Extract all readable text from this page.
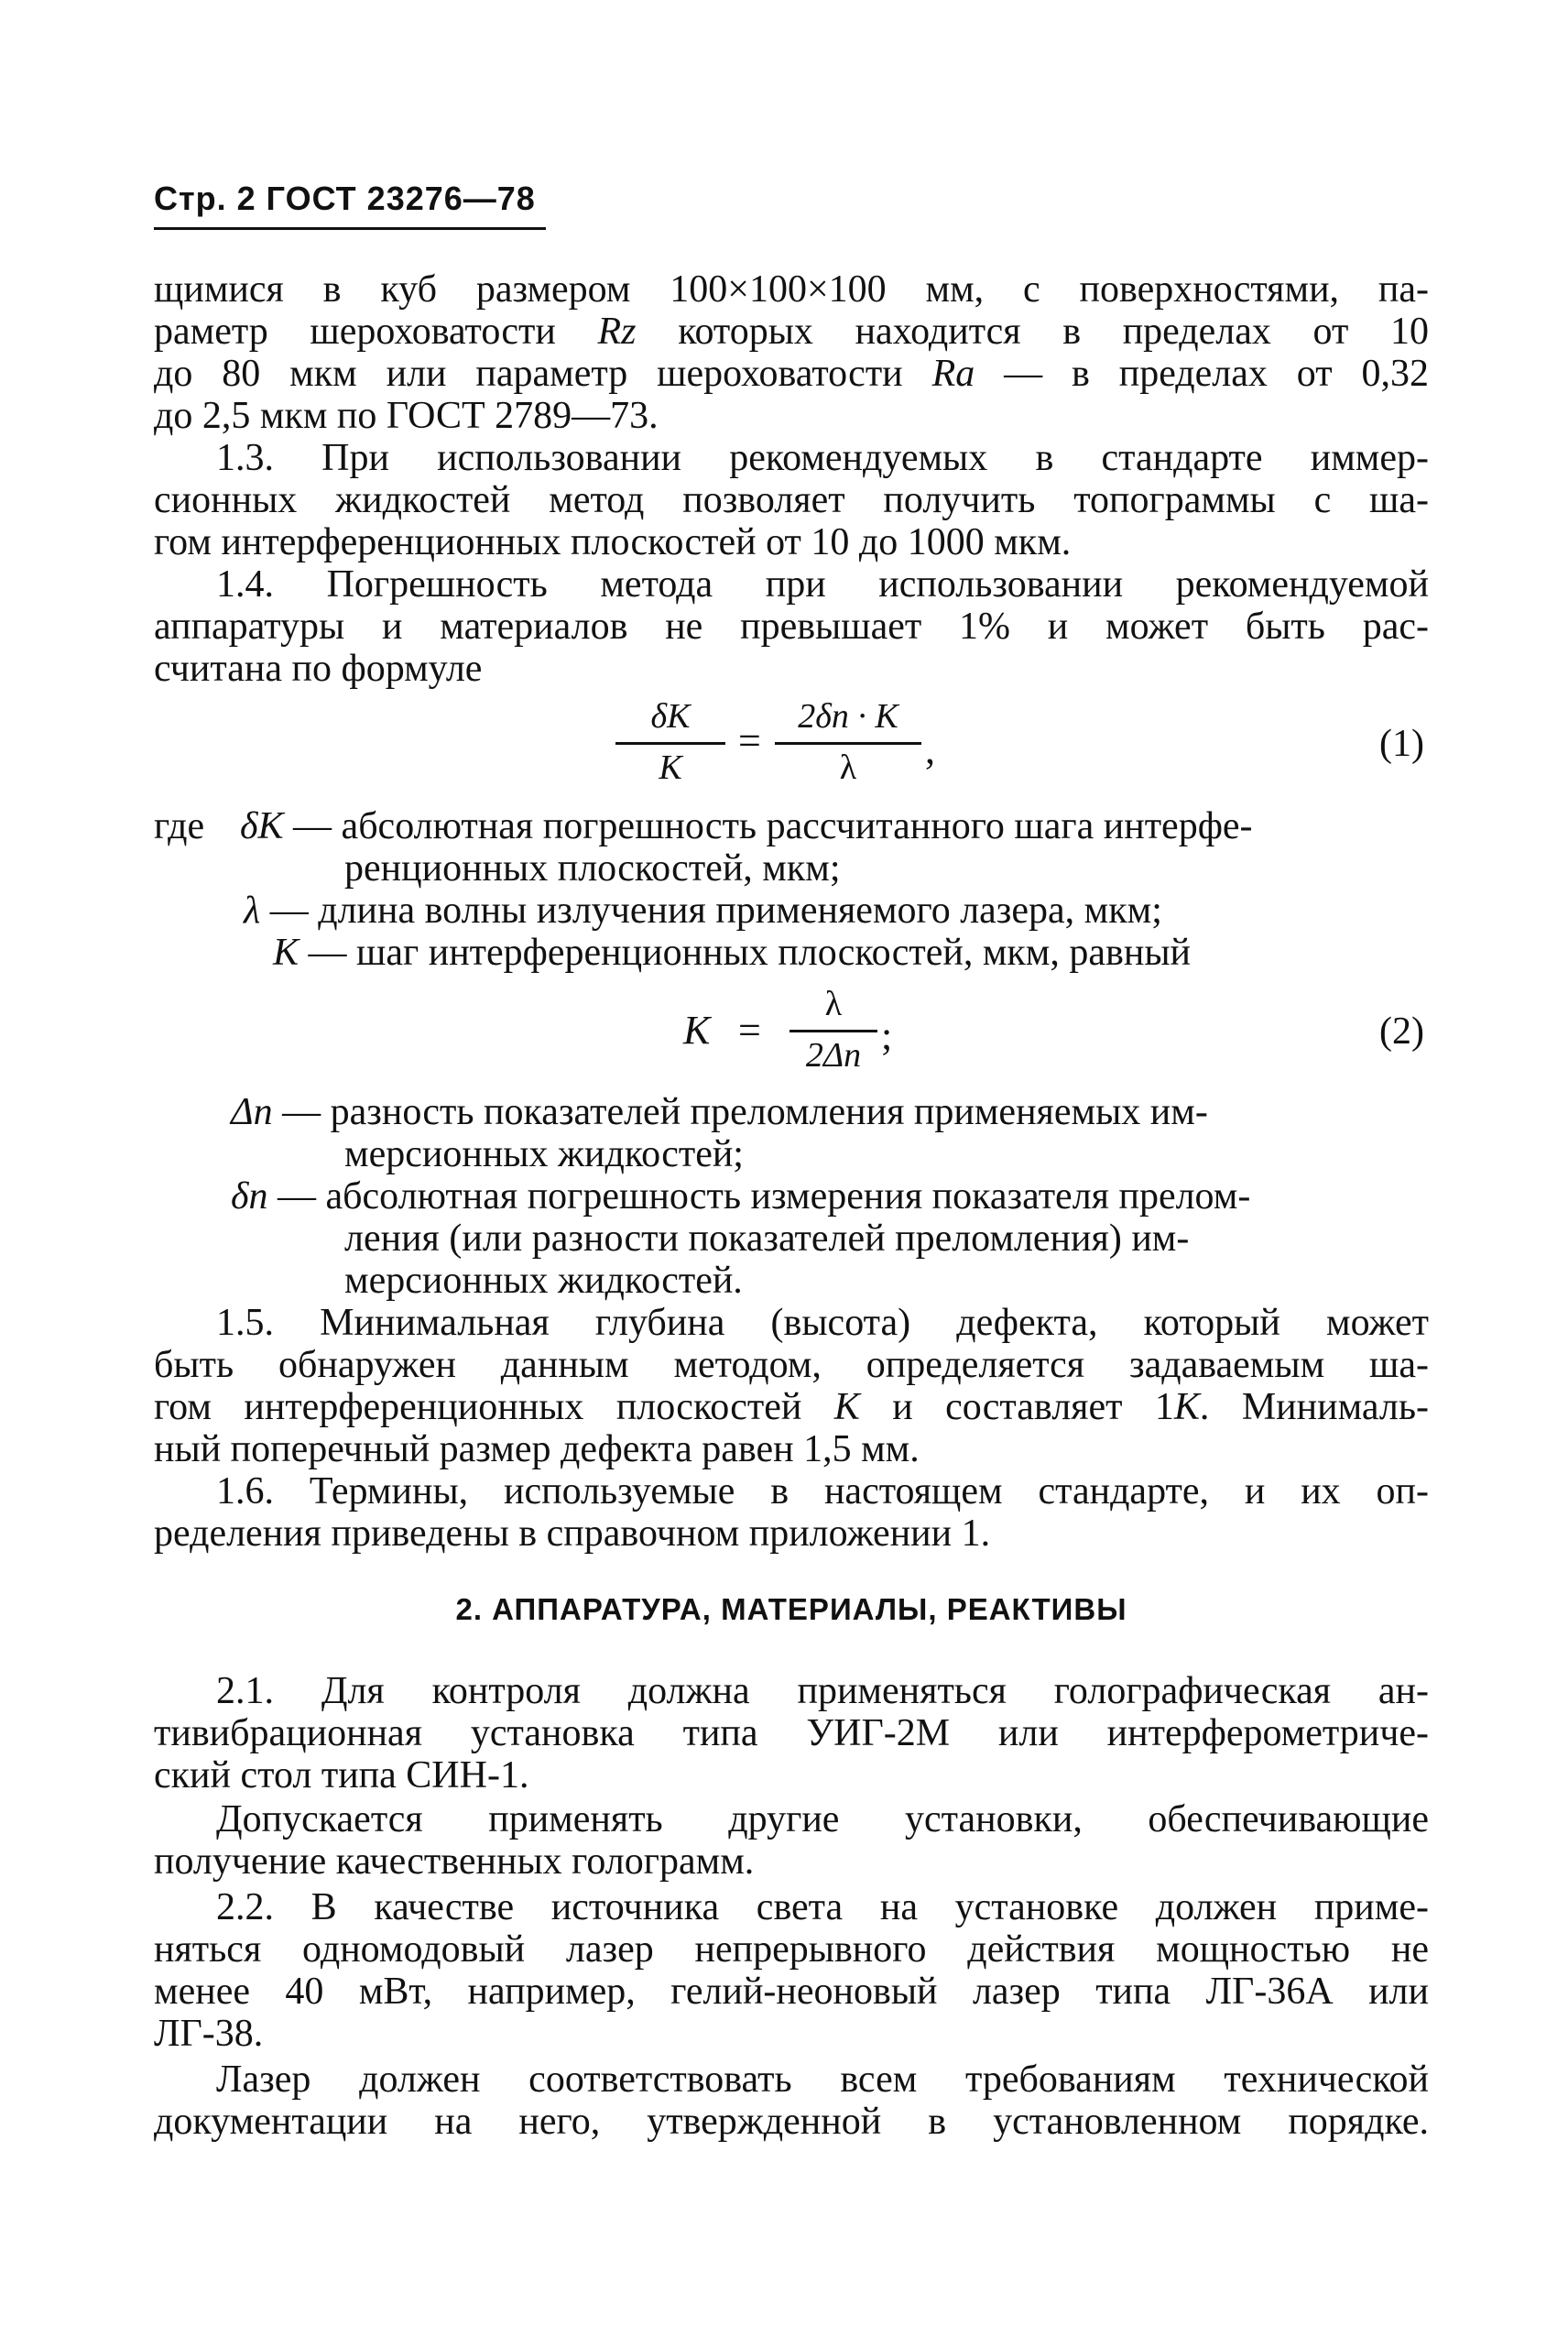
Стр. 2 ГОСТ 23276—78
щимися в куб размером 100×100×100 мм, с поверхностями, па-
раметр шероховатости Rz которых находится в пределах от 10
до 80 мкм или параметр шероховатости Ra — в пределах от 0,32
до 2,5 мкм по ГОСТ 2789—73.
1.3. При использовании рекомендуемых в стандарте иммер-
сионных жидкостей метод позволяет получить топограммы с ша-
гом интерференционных плоскостей от 10 до 1000 мкм.
1.4. Погрешность метода при использовании рекомендуемой
аппаратуры и материалов не превышает 1% и может быть рас-
считана по формуле
δK
K
=
2δn · K
λ	,	(1)
где δK — абсолютная погрешность рассчитанного шага интерфе-
ренционных плоскостей, мкм;
λ — длина волны излучения применяемого лазера, мкм;
K — шаг интерференционных плоскостей, мкм, равный
K =
λ
2Δn ;	(2)
Δn — разность показателей преломления применяемых им-
мерсионных жидкостей;
δn — абсолютная погрешность измерения показателя прелом-
ления (или разности показателей преломления) им-
мерсионных жидкостей.
1.5. Минимальная глубина (высота) дефекта, который может
быть обнаружен данным методом, определяется задаваемым ша-
гом интерференционных плоскостей K и составляет 1K. Минималь-
ный поперечный размер дефекта равен 1,5 мм.
1.6. Термины, используемые в настоящем стандарте, и их оп-
ределения приведены в справочном приложении 1.
2. АППАРАТУРА, МАТЕРИАЛЫ, РЕАКТИВЫ
2.1. Для контроля должна применяться голографическая ан-
тивибрационная установка типа УИГ-2М или интерферометриче-
ский стол типа СИН-1.
Допускается применять другие установки, обеспечивающие
получение качественных голограмм.
2.2. В качестве источника света на установке должен приме-
няться одномодовый лазер непрерывного действия мощностью не
менее 40 мВт, например, гелий-неоновый лазер типа ЛГ-36А или
ЛГ-38.
Лазер должен соответствовать всем требованиям технической
документации на него, утвержденной в установленном порядке.
